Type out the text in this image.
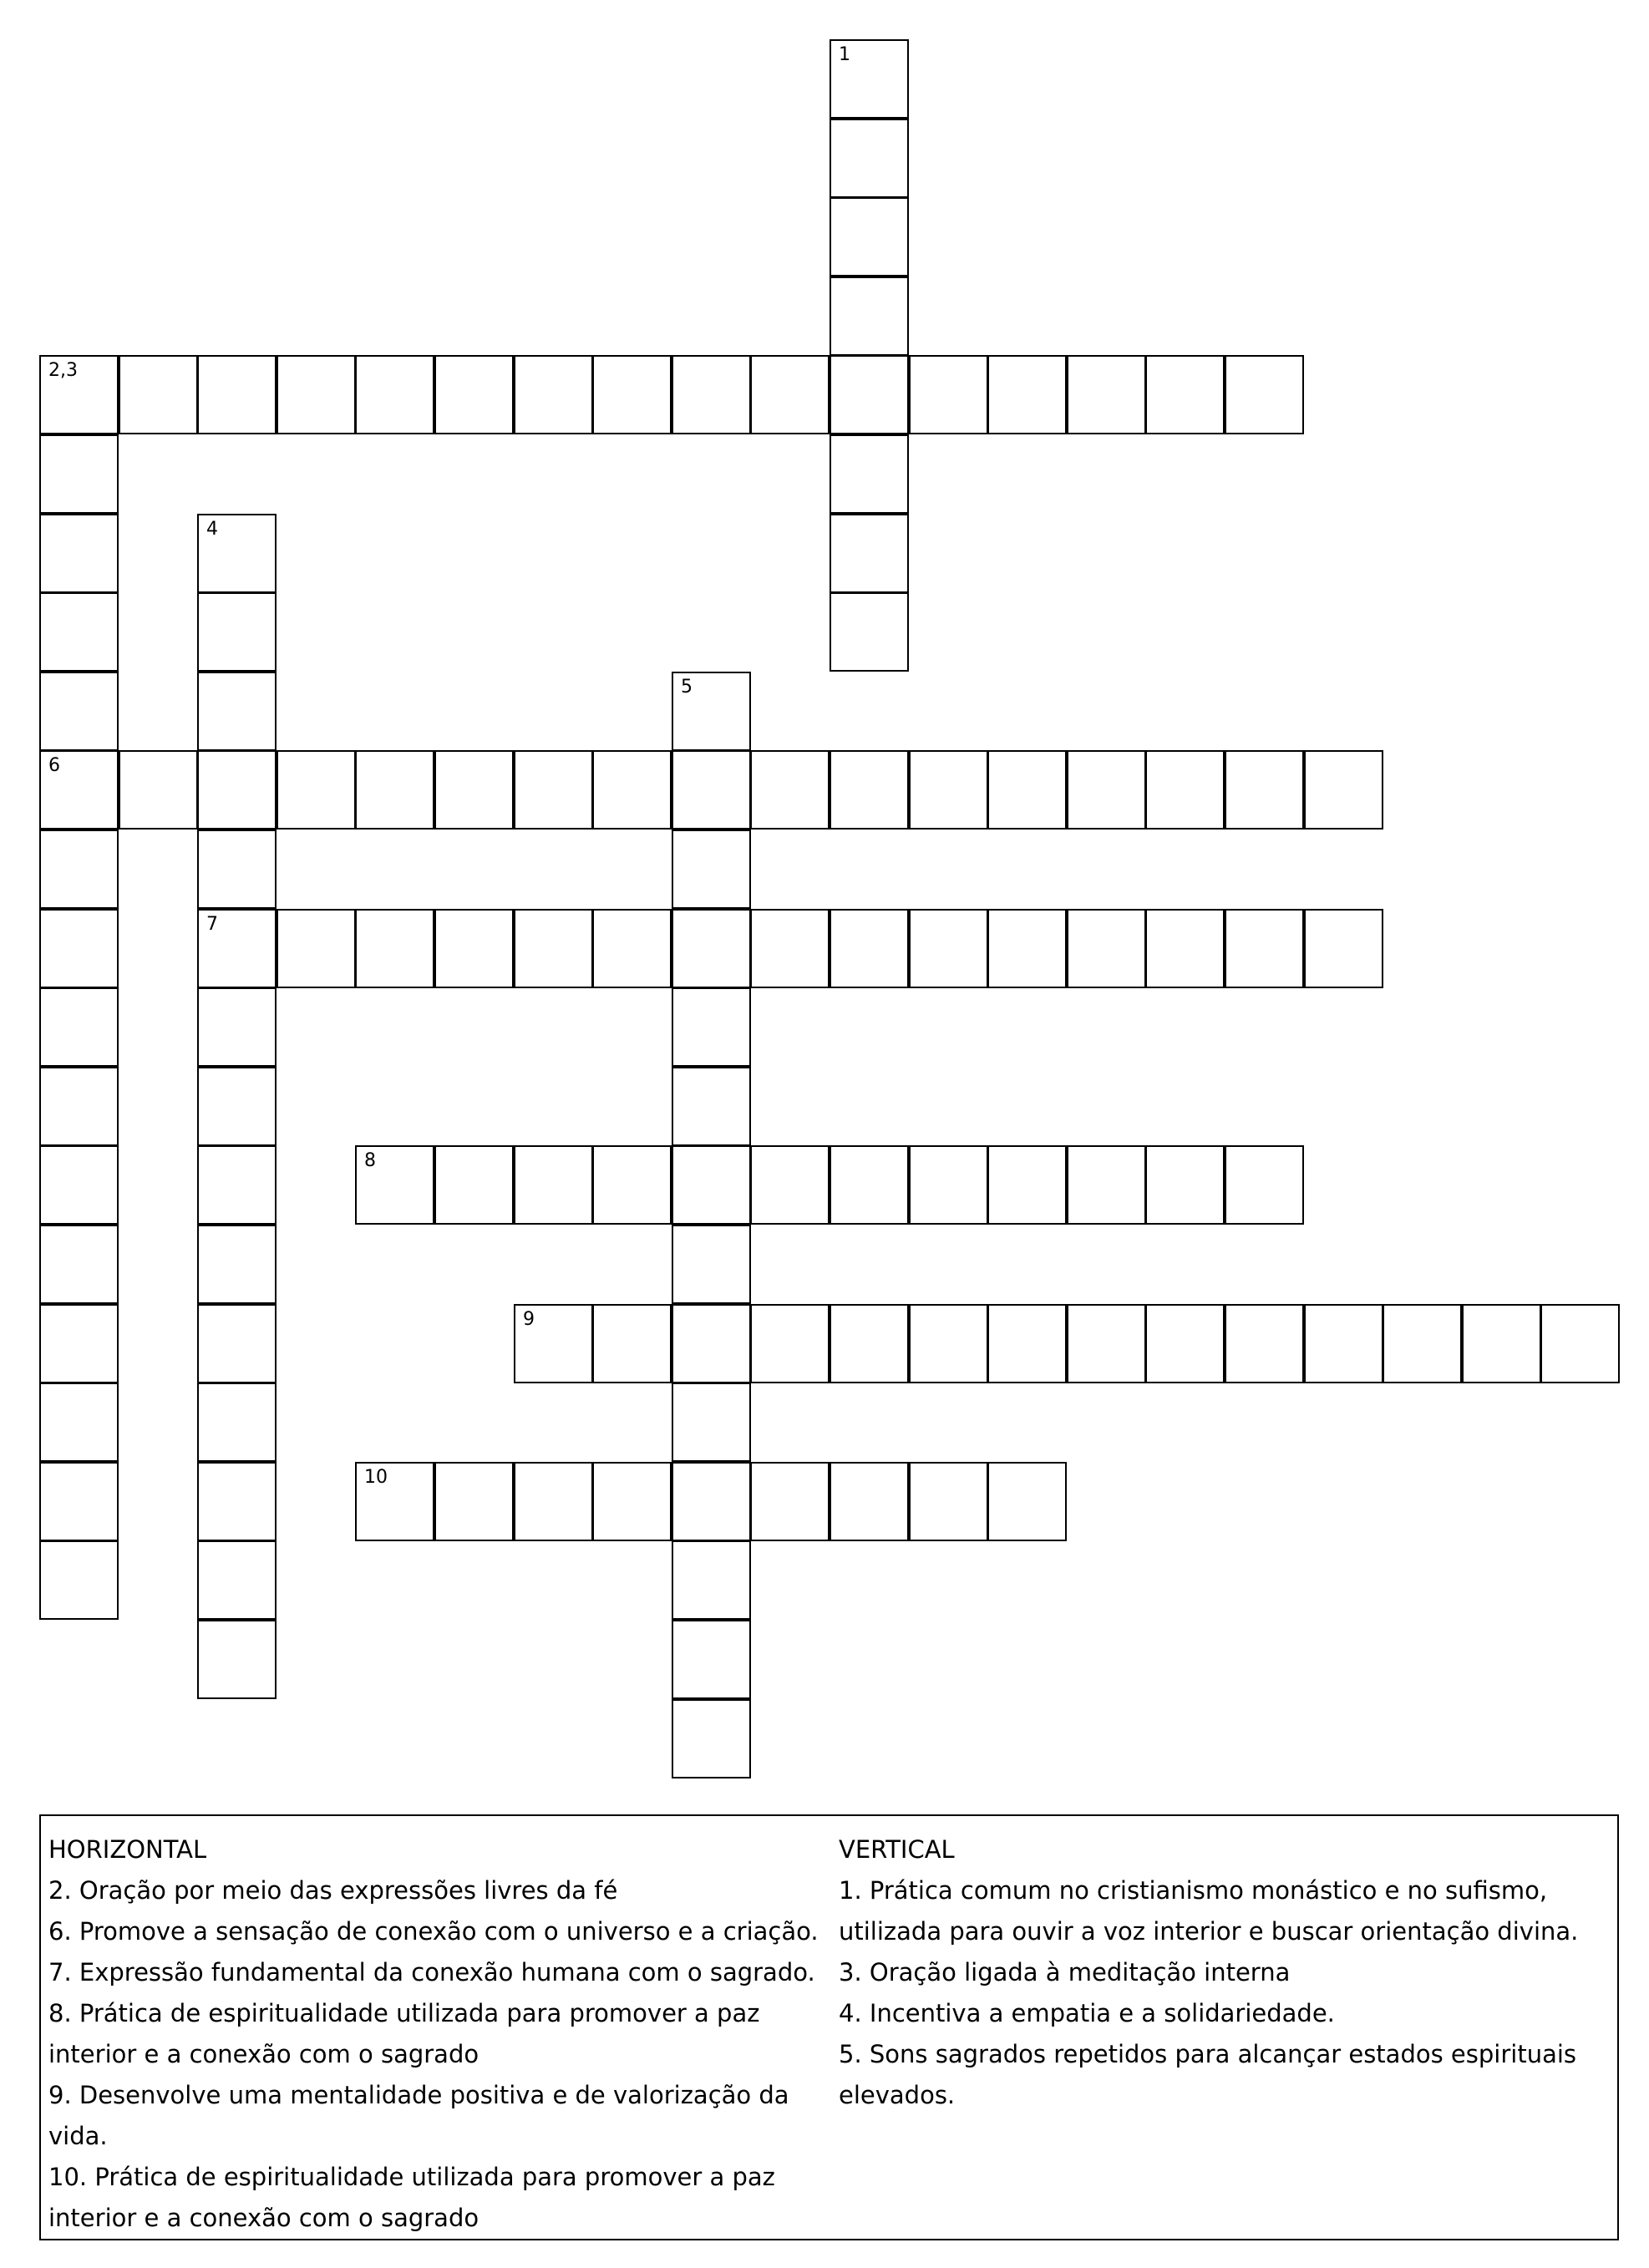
1
2,3
4
5
6
7
8
9
10
HORIZONTAL
2. Oração por meio das expressões livres da fé
6. Promove a sensação de conexão com o universo e a criação.
7. Expressão fundamental da conexão humana com o sagrado.
8. Prática de espiritualidade utilizada para promover a paz interior e a conexão com o sagrado
9. Desenvolve uma mentalidade positiva e de valorização da vida.
10. Prática de espiritualidade utilizada para promover a paz interior e a conexão com o sagrado
VERTICAL
1. Prática comum no cristianismo monástico e no sufismo, utilizada para ouvir a voz interior e buscar orientação divina.
3. Oração ligada à meditação interna
4. Incentiva a empatia e a solidariedade.
5. Sons sagrados repetidos para alcançar estados espirituais elevados.
